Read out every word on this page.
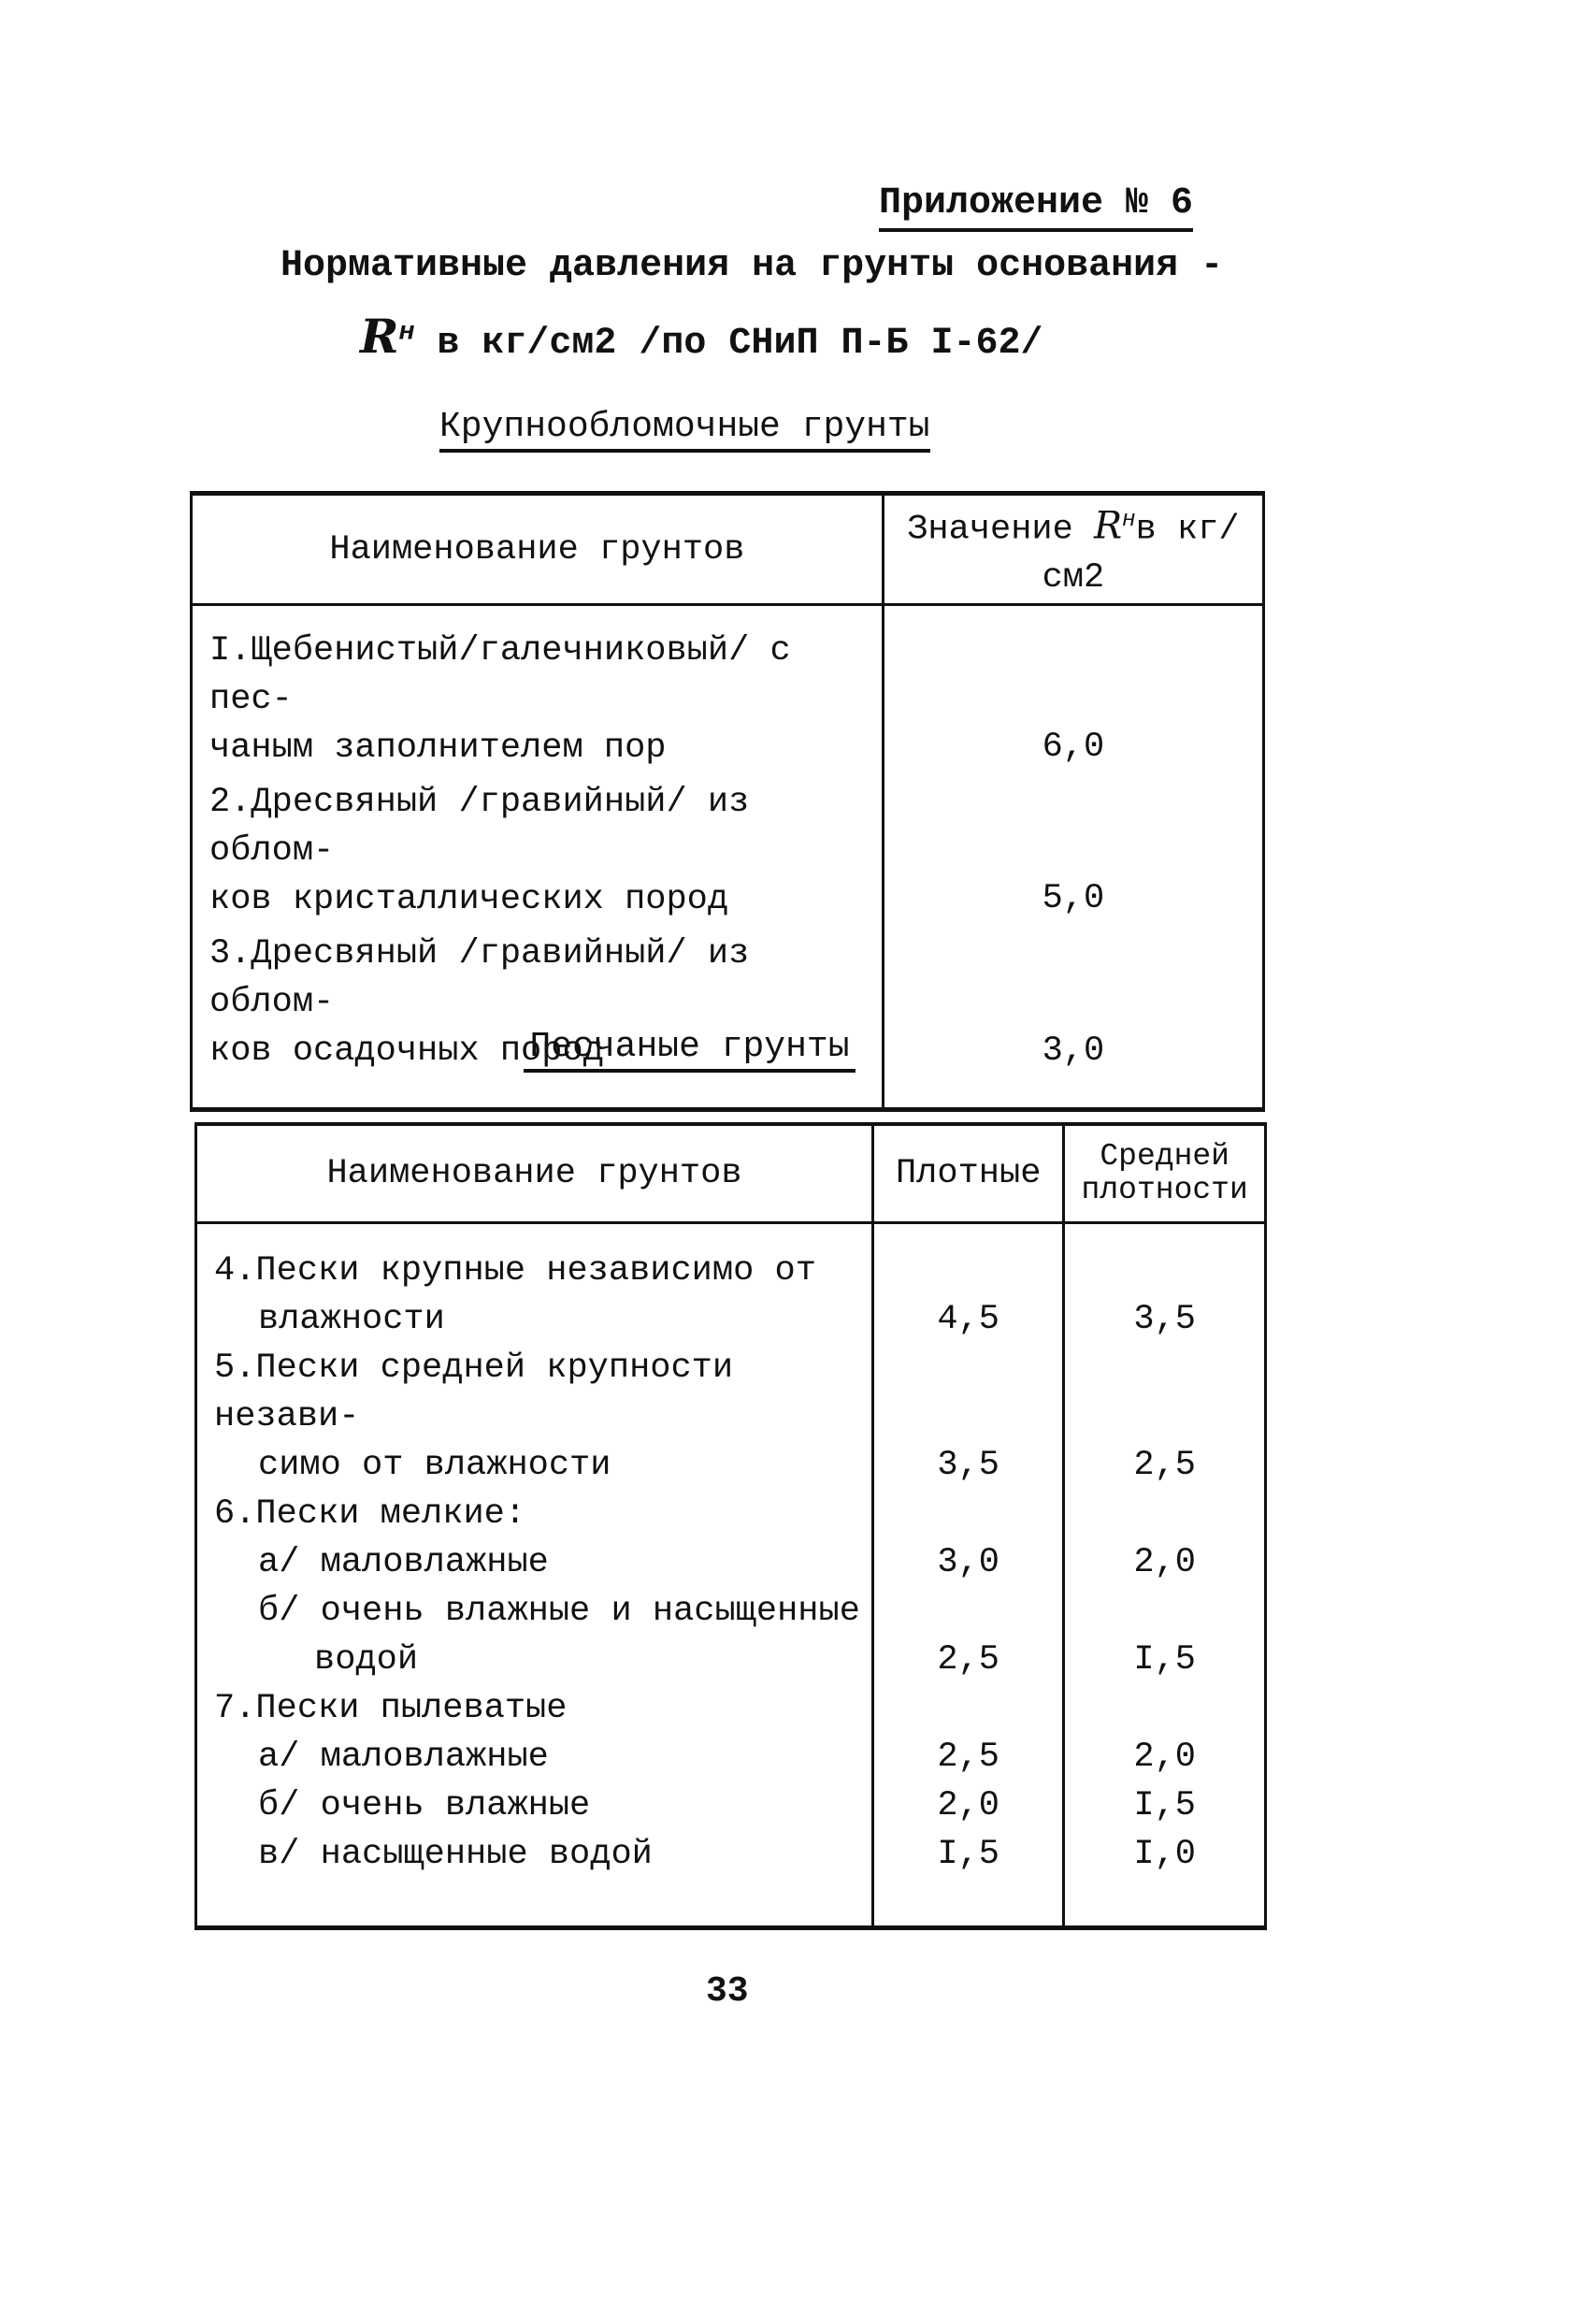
Приложение № 6
Нормативные давления на грунты основания -
$R^н$ в кг/см2 /по СНиП П-Б I-62/
Крупнообломочные грунты
Наименование грунтов	Значение $R^нв$ кг/см2

I.Щебенистый/галечниковый/ с пес-
чаным заполнителем пор	6,0

2.Дресвяный /гравийный/ из облом-
ков кристаллических пород	5,0

3.Дресвяный /гравийный/ из облом-
ков осадочных пород	3,0
Песчаные грунты
Наименование грунтов	Плотные	Средней
плотности

4.Пески крупные независимо от		
влажности	4,5	3,5
5.Пески средней крупности незави-		
симо от влажности	3,5	2,5
6.Пески мелкие:		
а/ маловлажные	3,0	2,0
б/ очень влажные и насыщенные		
водой	2,5	I,5
7.Пески пылеватые		
а/ маловлажные	2,5	2,0
б/ очень влажные	2,0	I,5
в/ насыщенные водой	I,5	I,0
33
